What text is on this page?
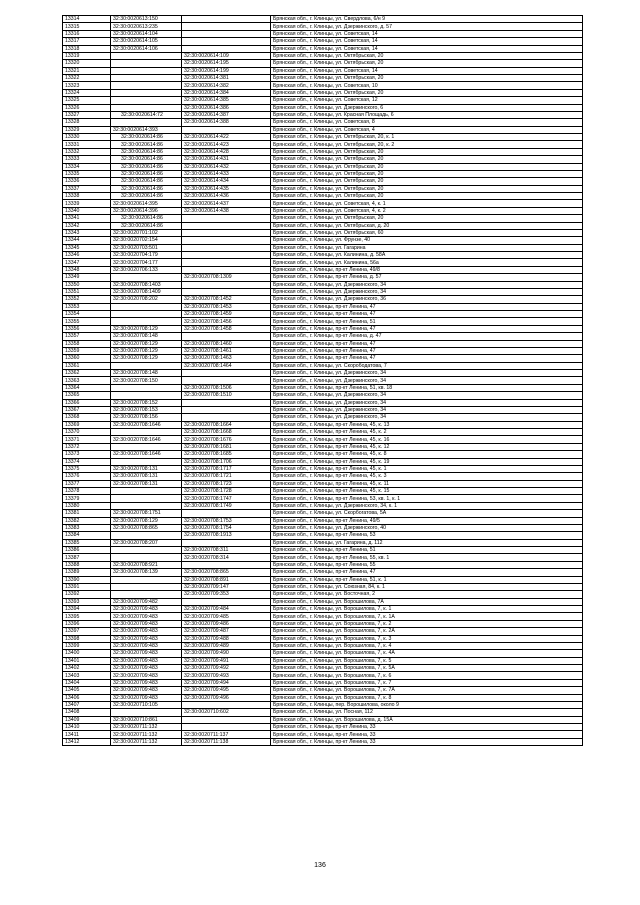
13314	32:30:0020613:150		Брянская обл., г. Клинцы, ул. Свердлова, 6/н 9
13315	32:30:0020613:235		Брянская обл., г. Клинцы, ул. Дзержинского, д. 57
13316	32:30:0020614:104		Брянская обл., г. Клинцы, ул. Советская, 14
13317	32:30:0020614:105		Брянская обл., г. Клинцы, ул. Советская, 14
13318	32:30:0020614:106		Брянская обл., г. Клинцы, ул. Советская, 14
13319		32:30:0020614:109	Брянская обл., г. Клинцы, ул. Октябрьская, 20
13320		32:30:0020614:195	Брянская обл., г. Клинцы, ул. Октябрьская, 20
13321		32:30:0020614:199	Брянская обл., г. Клинцы, ул. Советская, 14
13322		32:30:0020614:381	Брянская обл., г. Клинцы, ул. Октябрьская, 20
13323		32:30:0020614:382	Брянская обл., г. Клинцы, ул. Советская, 10
13324		32:30:0020614:384	Брянская обл., г. Клинцы, ул. Октябрьская, 20
13325		32:30:0020614:385	Брянская обл., г. Клинцы, ул. Советская, 12
13326		32:30:0020614:386	Брянская обл., г. Клинцы, ул. Дзержинского, 6
13327	32:30:0020614:72	32:30:0020614:387	Брянская обл., г. Клинцы, ул. Красная Площадь, 6
13328		32:30:0020614:388	Брянская обл., г. Клинцы, ул. Советская, 8
13329	32:30:0020614:393		Брянская обл., г. Клинцы, ул. Советская, 4
13330	32:30:0020614:86	32:30:0020614:422	Брянская обл., г. Клинцы, ул. Октябрьская, 20, к. 1
13331	32:30:0020614:86	32:30:0020614:423	Брянская обл., г. Клинцы, ул. Октябрьская, 20, к. 2
13332	32:30:0020614:86	32:30:0020614:428	Брянская обл., г. Клинцы, ул. Октябрьская, 20
13333	32:30:0020614:86	32:30:0020614:431	Брянская обл., г. Клинцы, ул. Октябрьская, 20
13334	32:30:0020614:86	32:30:0020614:432	Брянская обл., г. Клинцы, ул. Октябрьская, 20
13335	32:30:0020614:86	32:30:0020614:433	Брянская обл., г. Клинцы, ул. Октябрьская, 20
13336	32:30:0020614:86	32:30:0020614:434	Брянская обл., г. Клинцы, ул. Октябрьская, 20
13337	32:30:0020614:86	32:30:0020614:435	Брянская обл., г. Клинцы, ул. Октябрьская, 20
13338	32:30:0020614:86	32:30:0020614:436	Брянская обл., г. Клинцы, ул. Октябрьская, 20
13339	32:30:0020614:395	32:30:0020614:437	Брянская обл., г. Клинцы, ул. Советская, 4, к. 1
13340	32:30:0020614:396	32:30:0020614:438	Брянская обл., г. Клинцы, ул. Советская, 4, к. 2
13341	32:30:0020614:86		Брянская обл., г. Клинцы, ул. Октябрьская, 20
13342	32:30:0020614:86		Брянская обл., г. Клинцы, ул. Октябрьская, д. 20
13343	32:30:0020701:102		Брянская обл., г. Клинцы, ул. Октябрьская, 60
13344	32:30:0020702:154		Брянская обл., г. Клинцы, ул. Фрунзе, 40
13345	32:30:0020703:501		Брянская обл., г. Клинцы, ул. Гагарина
13346	32:30:0020704:179		Брянская обл., г. Клинцы, ул. Калинина, д. 58А
13347	32:30:0020704:177		Брянская обл., г. Клинцы, ул. Калинина, 56а
13348	32:30:0020706:133		Брянская обл., г. Клинцы, пр-кт Ленина, 49/8
13349		32:30:0020708:1309	Брянская обл., г. Клинцы, пр-кт Ленина, д. 57
13350	32:30:0020708:1403		Брянская обл., г. Клинцы, ул. Дзержинского, 34
13351	32:30:0020708:1409		Брянская обл., г. Клинцы, ул. Дзержинского, 34
13352	32:30:0020708:202	32:30:0020708:1452	Брянская обл., г. Клинцы, ул. Дзержинского, 36
13353		32:30:0020708:1453	Брянская обл., г. Клинцы, пр-кт Ленина, 47
13354		32:30:0020708:1459	Брянская обл., г. Клинцы, пр-кт Ленина, 47
13355		32:30:0020708:1456	Брянская обл., г. Клинцы, пр-кт Ленина, 51
13356	32:30:0020708:129	32:30:0020708:1458	Брянская обл., г. Клинцы, пр-кт Ленина, 47
13357	32:30:0020708:148		Брянская обл., г. Клинцы, пр-кт Ленина, д. 47
13358	32:30:0020708:129	32:30:0020708:1460	Брянская обл., г. Клинцы, пр-кт Ленина, 47
13359	32:30:0020708:129	32:30:0020708:1461	Брянская обл., г. Клинцы, пр-кт Ленина, 47
13360	32:30:0020708:129	32:30:0020708:1463	Брянская обл., г. Клинцы, пр-кт Ленина, 47
13361		32:30:0020708:1464	Брянская обл., г. Клинцы, ул. Скорободатова, 7
13362	32:30:0020708:148		Брянская обл., г. Клинцы, ул. Дзержинского, 34
13363	32:30:0020708:150		Брянская обл., г. Клинцы, ул. Дзержинского, 34
13364		32:30:0020708:1506	Брянская обл., г. Клинцы, пр-кт Ленина, 51, кв. 18
13365		32:30:0020708:1510	Брянская обл., г. Клинцы, ул. Дзержинского, 34
13366	32:30:0020708:152		Брянская обл., г. Клинцы, ул. Дзержинского, 34
13367	32:30:0020708:153		Брянская обл., г. Клинцы, ул. Дзержинского, 34
13368	32:30:0020708:156		Брянская обл., г. Клинцы, ул. Дзержинского, 34
13369	32:30:0020708:1646	32:30:0020708:1664	Брянская обл., г. Клинцы, пр-кт Ленина, 45, к. 13
13370		32:30:0020708:1668	Брянская обл., г. Клинцы, пр-кт Ленина, 45, к. 2
13371	32:30:0020708:1646	32:30:0020708:1676	Брянская обл., г. Клинцы, пр-кт Ленина, 45, к. 16
13372		32:30:0020708:1681	Брянская обл., г. Клинцы, пр-кт Ленина, 45, к. 12
13373	32:30:0020708:1646	32:30:0020708:1685	Брянская обл., г. Клинцы, пр-кт Ленина, 45, к. 8
13374		32:30:0020708:1706	Брянская обл., г. Клинцы, пр-кт Ленина, 45, к. 19
13375	32:30:0020708:131	32:30:0020708:1717	Брянская обл., г. Клинцы, пр-кт Ленина, 45, к. 1
13376	32:30:0020708:131	32:30:0020708:1721	Брянская обл., г. Клинцы, пр-кт Ленина, 45, к. 3
13377	32:30:0020708:131	32:30:0020708:1723	Брянская обл., г. Клинцы, пр-кт Ленина, 45, к. 11
13378		32:30:0020708:1728	Брянская обл., г. Клинцы, пр-кт Ленина, 45, к. 15
13379		32:30:0020708:1747	Брянская обл., г. Клинцы, пр-кт Ленина, 53, кв. 1, к. 1
13380		32:30:0020708:1749	Брянская обл., г. Клинцы, ул. Дзержинского, 34, к. 1
13381	32:30:0020708:1751		Брянская обл., г. Клинцы, ул. Скорбогатова, 5А
13382	32:30:0020708:129	32:30:0020708:1753	Брянская обл., г. Клинцы, пр-кт Ленина, 49/5
13383	32:30:0020708:865	32:30:0020708:1754	Брянская обл., г. Клинцы, ул. Дзержинского, 40
13384		32:30:0020708:1913	Брянская обл., г. Клинцы, пр-кт Ленина, 53
13385	32:30:0020708:207		Брянская обл., г. Клинцы, ул. Гагарина, д. 112
13386		32:30:0020708:311	Брянская обл., г. Клинцы, пр-кт Ленина, 51
13387		32:30:0020708:314	Брянская обл., г. Клинцы, пр-кт Ленина, 55, кв. 1
13388	32:30:0020708:921		Брянская обл., г. Клинцы, пр-кт Ленина, 55
13389	32:30:0020708:139	32:30:0020708:865	Брянская обл., г. Клинцы, пр-кт Ленина, 47
13390		32:30:0020708:891	Брянская обл., г. Клинцы, пр-кт Ленина, 51, к. 1
13391		32:30:0020709:147	Брянская обл., г. Клинцы, ул. Союзная, 84, к. 1
13392		32:30:0020709:353	Брянская обл., г. Клинцы, ул. Восточная, 2
13393	32:30:0020709:482		Брянская обл., г. Клинцы, ул. Ворошилова, 7А
13394	32:30:0020709:483	32:30:0020709:484	Брянская обл., г. Клинцы, ул. Ворошилова, 7, к. 1
13395	32:30:0020709:483	32:30:0020709:485	Брянская обл., г. Клинцы, ул. Ворошилова, 7, к. 1А
13396	32:30:0020709:483	32:30:0020709:486	Брянская обл., г. Клинцы, ул. Ворошилова, 7, к. 2
13397	32:30:0020709:483	32:30:0020709:487	Брянская обл., г. Клинцы, ул. Ворошилова, 7, к. 2А
13398	32:30:0020709:483	32:30:0020709:488	Брянская обл., г. Клинцы, ул. Ворошилова, 7, к. 3
13399	32:30:0020709:483	32:30:0020709:489	Брянская обл., г. Клинцы, ул. Ворошилова, 7, к. 4
13400	32:30:0020709:483	32:30:0020709:490	Брянская обл., г. Клинцы, ул. Ворошилова, 7, к. 4А
13401	32:30:0020709:483	32:30:0020709:491	Брянская обл., г. Клинцы, ул. Ворошилова, 7, к. 5
13402	32:30:0020709:483	32:30:0020709:492	Брянская обл., г. Клинцы, ул. Ворошилова, 7, к. 5А
13403	32:30:0020709:483	32:30:0020709:493	Брянская обл., г. Клинцы, ул. Ворошилова, 7, к. 6
13404	32:30:0020709:483	32:30:0020709:494	Брянская обл., г. Клинцы, ул. Ворошилова, 7, к. 7
13405	32:30:0020709:483	32:30:0020709:495	Брянская обл., г. Клинцы, ул. Ворошилова, 7, к. 7А
13406	32:30:0020709:483	32:30:0020709:496	Брянская обл., г. Клинцы, ул. Ворошилова, 7, к. 8
13407	32:30:0020710:105		Брянская обл., г. Клинцы, пер. Ворошилова, около 9
13408		32:30:0020710:602	Брянская обл., г. Клинцы, ул. Посная, 112
13409	32:30:0020710:861		Брянская обл., г. Клинцы, ул. Ворошилова, д. 15А
13410	32:30:0020711:132		Брянская обл., г. Клинцы, пр-кт Ленина, 33
13411	32:30:0020711:132	32:30:0020711:137	Брянская обл., г. Клинцы, пр-кт Ленина, 33
13412	32:30:0020711:132	32:30:0020711:138	Брянская обл., г. Клинцы, пр-кт Ленина, 33
136
